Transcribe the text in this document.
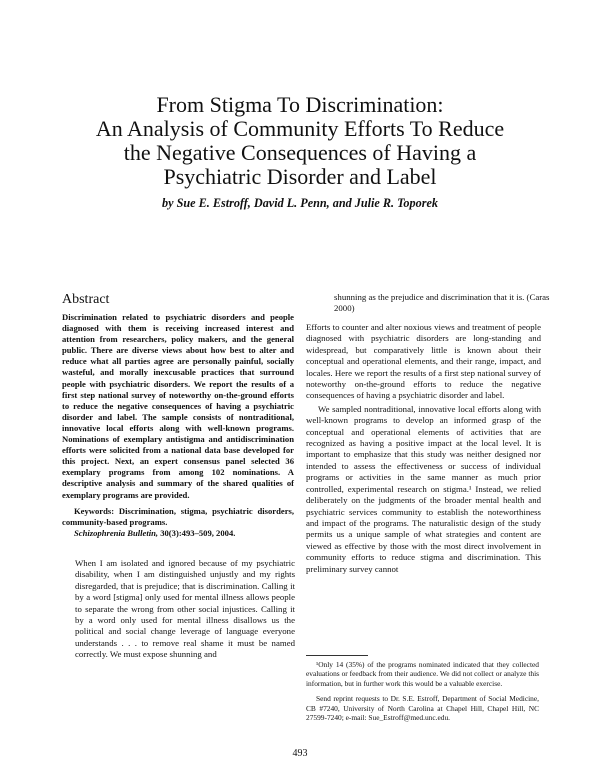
From Stigma To Discrimination:
An Analysis of Community Efforts To Reduce
the Negative Consequences of Having a
Psychiatric Disorder and Label
by Sue E. Estroff, David L. Penn, and Julie R. Toporek
Abstract

Discrimination related to psychiatric disorders and people diagnosed with them is receiving increased interest and attention from researchers, policy makers, and the general public. There are diverse views about how best to alter and reduce what all parties agree are personally painful, socially wasteful, and morally inexcusable practices that surround people with psychiatric disorders. We report the results of a first step national survey of noteworthy on-the-ground efforts to reduce the negative consequences of having a psychiatric disorder and label. The sample consists of nontraditional, innovative local efforts along with well-known programs. Nominations of exemplary antistigma and antidiscrimination efforts were solicited from a national data base developed for this project. Next, an expert consensus panel selected 36 exemplary programs from among 102 nominations. A descriptive analysis and summary of the shared qualities of exemplary programs are provided.

Keywords: Discrimination, stigma, psychiatric disorders, community-based programs.

Schizophrenia Bulletin, 30(3):493–509, 2004.

When I am isolated and ignored because of my psychiatric disability, when I am distinguished unjustly and my rights disregarded, that is prejudice; that is discrimination. Calling it by a word [stigma] only used for mental illness allows people to separate the wrong from other social injustices. Calling it by a word only used for mental illness disallows us the political and social change leverage of language everyone understands . . . to remove real shame it must be named correctly. We must expose shunning and

shunning as the prejudice and discrimination that it is. (Caras 2000)

Efforts to counter and alter noxious views and treatment of people diagnosed with psychiatric disorders are long-standing and widespread, but comparatively little is known about their conceptual and operational elements, and their range, impact, and locales. Here we report the results of a first step national survey of noteworthy on-the-ground efforts to reduce the negative consequences of having a psychiatric disorder and label.

We sampled nontraditional, innovative local efforts along with well-known programs to develop an informed grasp of the conceptual and operational elements of activities that are recognized as having a positive impact at the local level. It is important to emphasize that this study was neither designed nor intended to assess the effectiveness or success of individual programs or activities in the same manner as much prior controlled, experimental research on stigma.¹ Instead, we relied deliberately on the judgments of the broader mental health and psychiatric services community to establish the noteworthiness and impact of the programs. The naturalistic design of the study permits us a unique sample of what strategies and content are viewed as effective by those with the most direct involvement in community efforts to reduce stigma and discrimination. This preliminary survey cannot

¹Only 14 (35%) of the programs nominated indicated that they collected evaluations or feedback from their audience. We did not collect or analyze this information, but in further work this would be a valuable exercise.

Send reprint requests to Dr. S.E. Estroff, Department of Social Medicine, CB #7240, University of North Carolina at Chapel Hill, Chapel Hill, NC 27599-7240; e-mail: Sue_Estroff@med.unc.edu.

493
